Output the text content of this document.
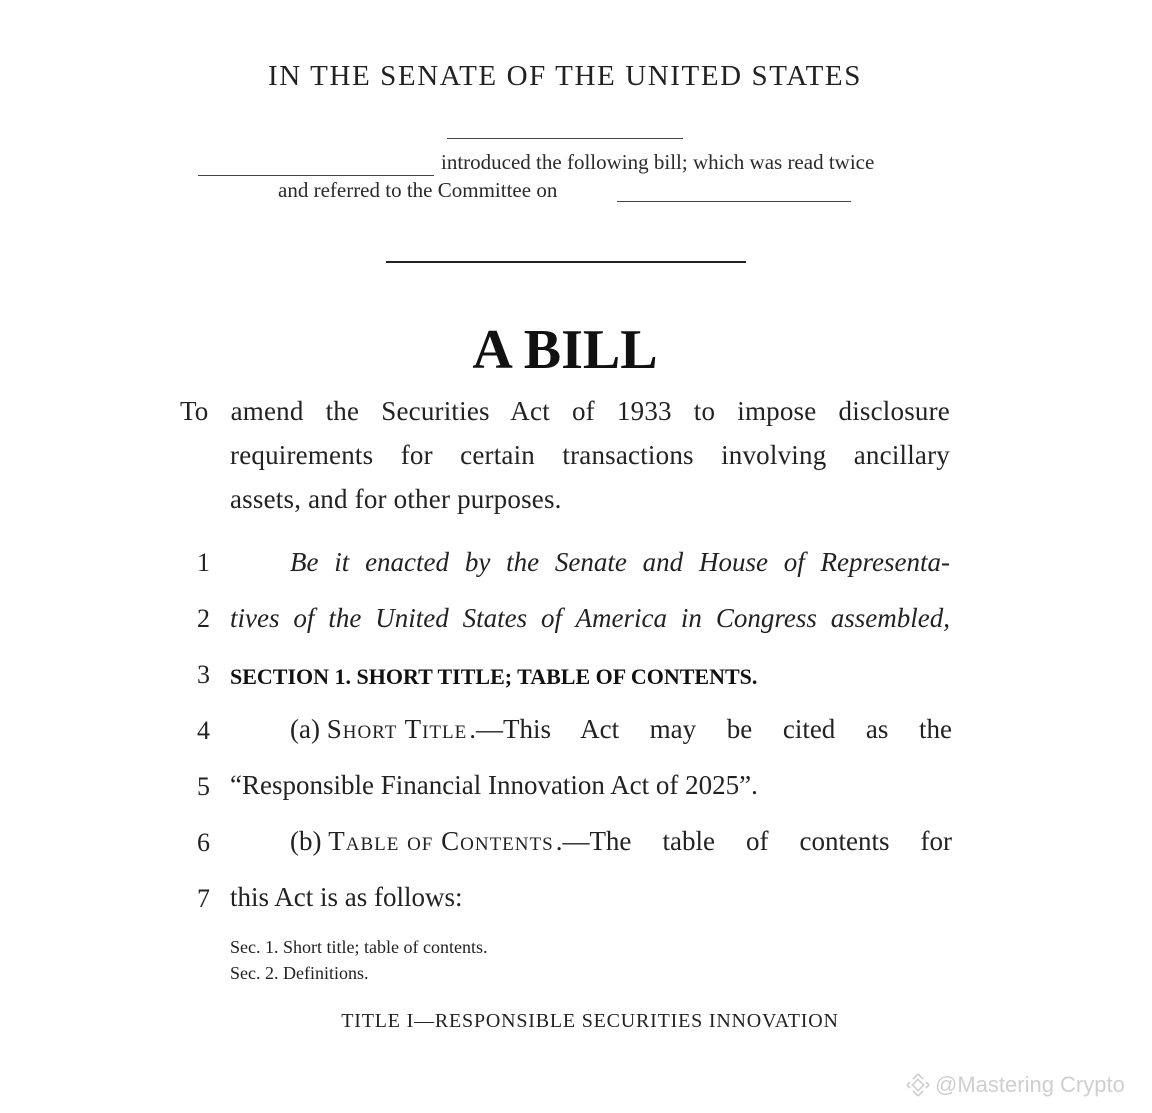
IN THE SENATE OF THE UNITED STATES
introduced the following bill; which was read twice
and referred to the Committee on
A BILL
To amend the Securities Act of 1933 to impose disclosure
requirements for certain transactions involving ancillary
assets, and for other purposes.
1	Be it enacted by the Senate and House of Representa-
2 tives of the United States of America in Congress assembled,
3 SECTION 1. SHORT TITLE; TABLE OF CONTENTS.
4	(a) Short Title .—This Act may be cited as the
5 “Responsible Financial Innovation Act of 2025”.
6	(b) Table of Contents .—The table of contents for
7 this Act is as follows:
Sec. 1. Short title; table of contents.
Sec. 2. Definitions.
TITLE I—RESPONSIBLE SECURITIES INNOVATION
@Mastering Crypto
